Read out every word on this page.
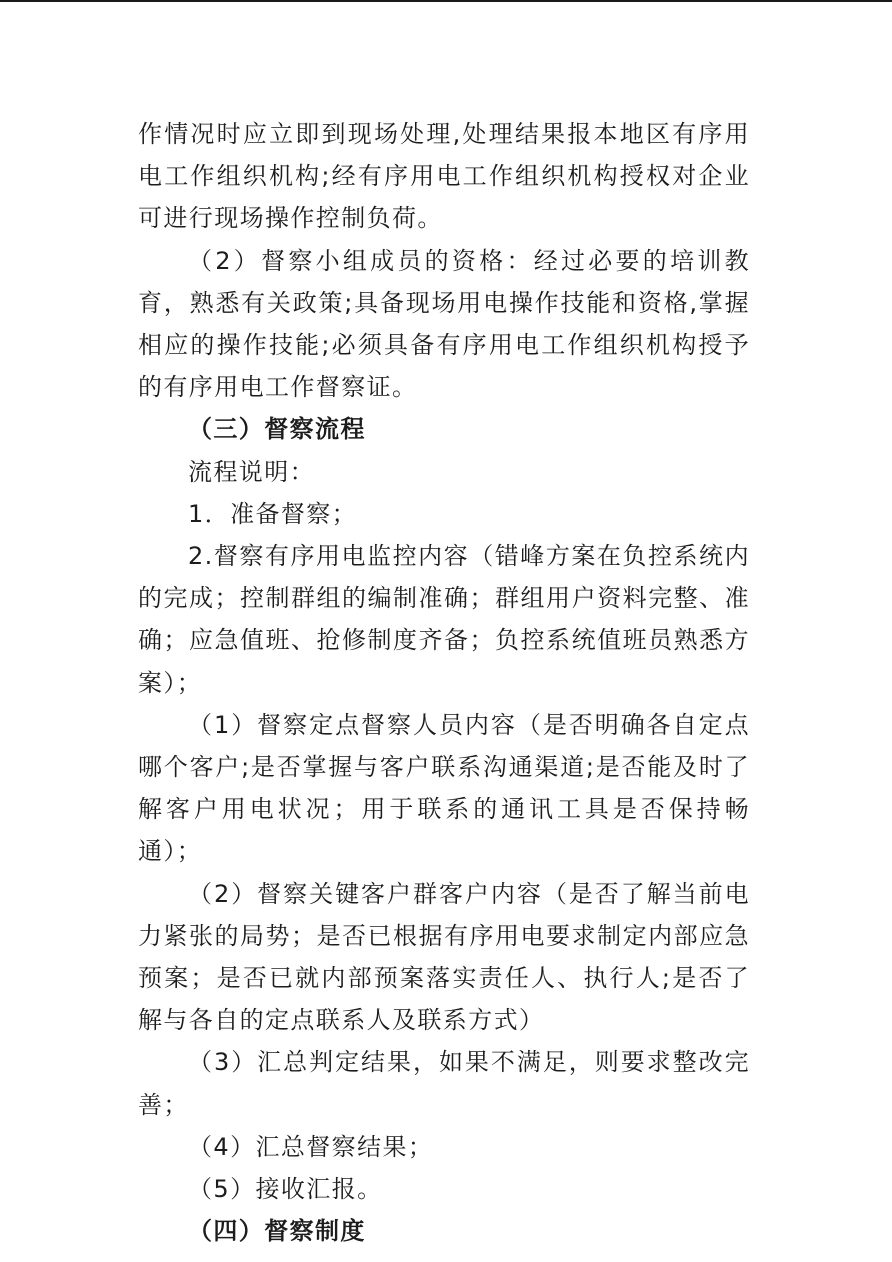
作情况时应立即到现场处理,处理结果报本地区有序用电工作组织机构;经有序用电工作组织机构授权对企业可进行现场操作控制负荷。

（2）督察小组成员的资格：经过必要的培训教育，熟悉有关政策;具备现场用电操作技能和资格,掌握相应的操作技能;必须具备有序用电工作组织机构授予的有序用电工作督察证。

（三）督察流程

流程说明：

1．准备督察；

2.督察有序用电监控内容（错峰方案在负控系统内的完成；控制群组的编制准确；群组用户资料完整、准确；应急值班、抢修制度齐备；负控系统值班员熟悉方案）；

（1）督察定点督察人员内容（是否明确各自定点哪个客户;是否掌握与客户联系沟通渠道;是否能及时了解客户用电状况；用于联系的通讯工具是否保持畅通）；

（2）督察关键客户群客户内容（是否了解当前电力紧张的局势；是否已根据有序用电要求制定内部应急预案；是否已就内部预案落实责任人、执行人;是否了解与各自的定点联系人及联系方式）

（3）汇总判定结果，如果不满足，则要求整改完善；

（4）汇总督察结果；

（5）接收汇报。

（四）督察制度
